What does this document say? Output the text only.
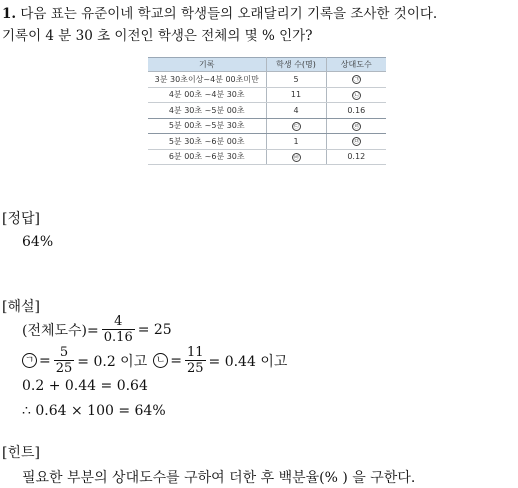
1. 다음 표는 유준이네 학교의 학생들의 오래달리기 기록을 조사한 것이다.
기록이 4 분 30 초 이전인 학생은 전체의 몇 % 인가?
기록	학생 수(명)	상대도수
3분 30초이상~4분 00초미만	5	㉠
4분 00초 ~4분 30초	11	㉡
4분 30초 ~5분 00초	4	0.16
5분 00초 ~5분 30초	㉢	㉣
5분 30초 ~6분 00초	1	㉤
6분 00초 ~6분 30초	㉥	0.12
[정답]
64%
[해설]
(전체도수)= $\frac{4}{0.16} = 25$
ㄱ = $\frac{5}{25} = 0.2$ 이고 ㄴ = $\frac{11}{25} = 0.44$ 이고
0.2 + 0.44 = 0.64
∴ 0.64 × 100 = 64%
[힌트]
필요한 부분의 상대도수를 구하여 더한 후 백분율(% ) 을 구한다.
